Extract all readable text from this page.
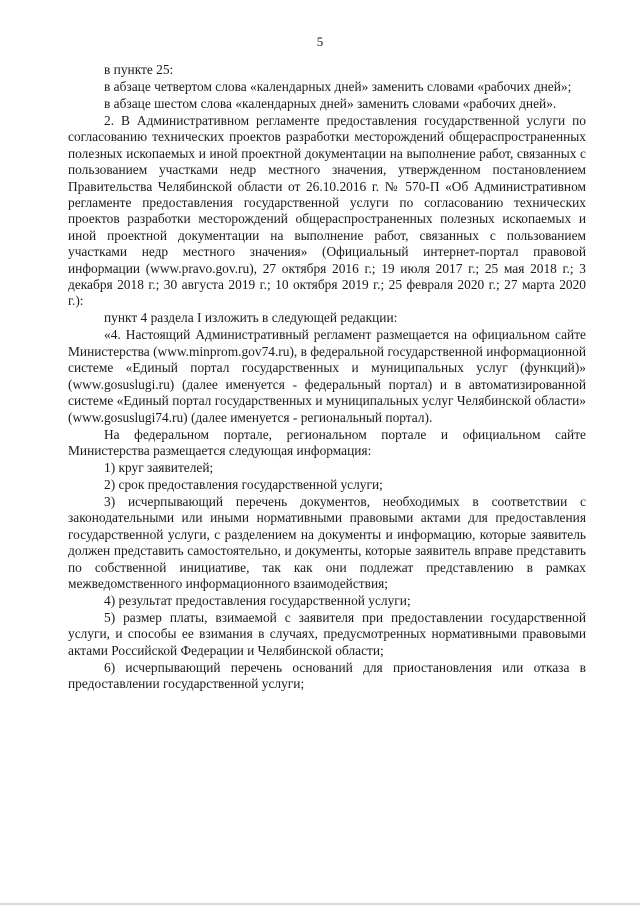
5

в пункте 25:

в абзаце четвертом слова «календарных дней» заменить словами «рабочих дней»;

в абзаце шестом слова «календарных дней» заменить словами «рабочих дней».

2. В Административном регламенте предоставления государственной услуги по согласованию технических проектов разработки месторождений общераспространенных полезных ископаемых и иной проектной документации на выполнение работ, связанных с пользованием участками недр местного значения, утвержденном постановлением Правительства Челябинской области от 26.10.2016 г. № 570-П «Об Административном регламенте предоставления государственной услуги по согласованию технических проектов разработки месторождений общераспространенных полезных ископаемых и иной проектной документации на выполнение работ, связанных с пользованием участками недр местного значения» (Официальный интернет-портал правовой информации (www.pravo.gov.ru), 27 октября 2016 г.; 19 июля 2017 г.; 25 мая 2018 г.; 3 декабря 2018 г.; 30 августа 2019 г.; 10 октября 2019 г.; 25 февраля 2020 г.; 27 марта 2020 г.):

пункт 4 раздела I изложить в следующей редакции:

«4. Настоящий Административный регламент размещается на официальном сайте Министерства (www.minprom.gov74.ru), в федеральной государственной информационной системе «Единый портал государственных и муниципальных услуг (функций)» (www.gosuslugi.ru) (далее именуется - федеральный портал) и в автоматизированной системе «Единый портал государственных и муниципальных услуг Челябинской области» (www.gosuslugi74.ru) (далее именуется - региональный портал).

На федеральном портале, региональном портале и официальном сайте Министерства размещается следующая информация:

1) круг заявителей;

2) срок предоставления государственной услуги;

3) исчерпывающий перечень документов, необходимых в соответствии с законодательными или иными нормативными правовыми актами для предоставления государственной услуги, с разделением на документы и информацию, которые заявитель должен представить самостоятельно, и документы, которые заявитель вправе представить по собственной инициативе, так как они подлежат представлению в рамках межведомственного информационного взаимодействия;

4) результат предоставления государственной услуги;

5) размер платы, взимаемой с заявителя при предоставлении государственной услуги, и способы ее взимания в случаях, предусмотренных нормативными правовыми актами Российской Федерации и Челябинской области;

6) исчерпывающий перечень оснований для приостановления или отказа в предоставлении государственной услуги;
